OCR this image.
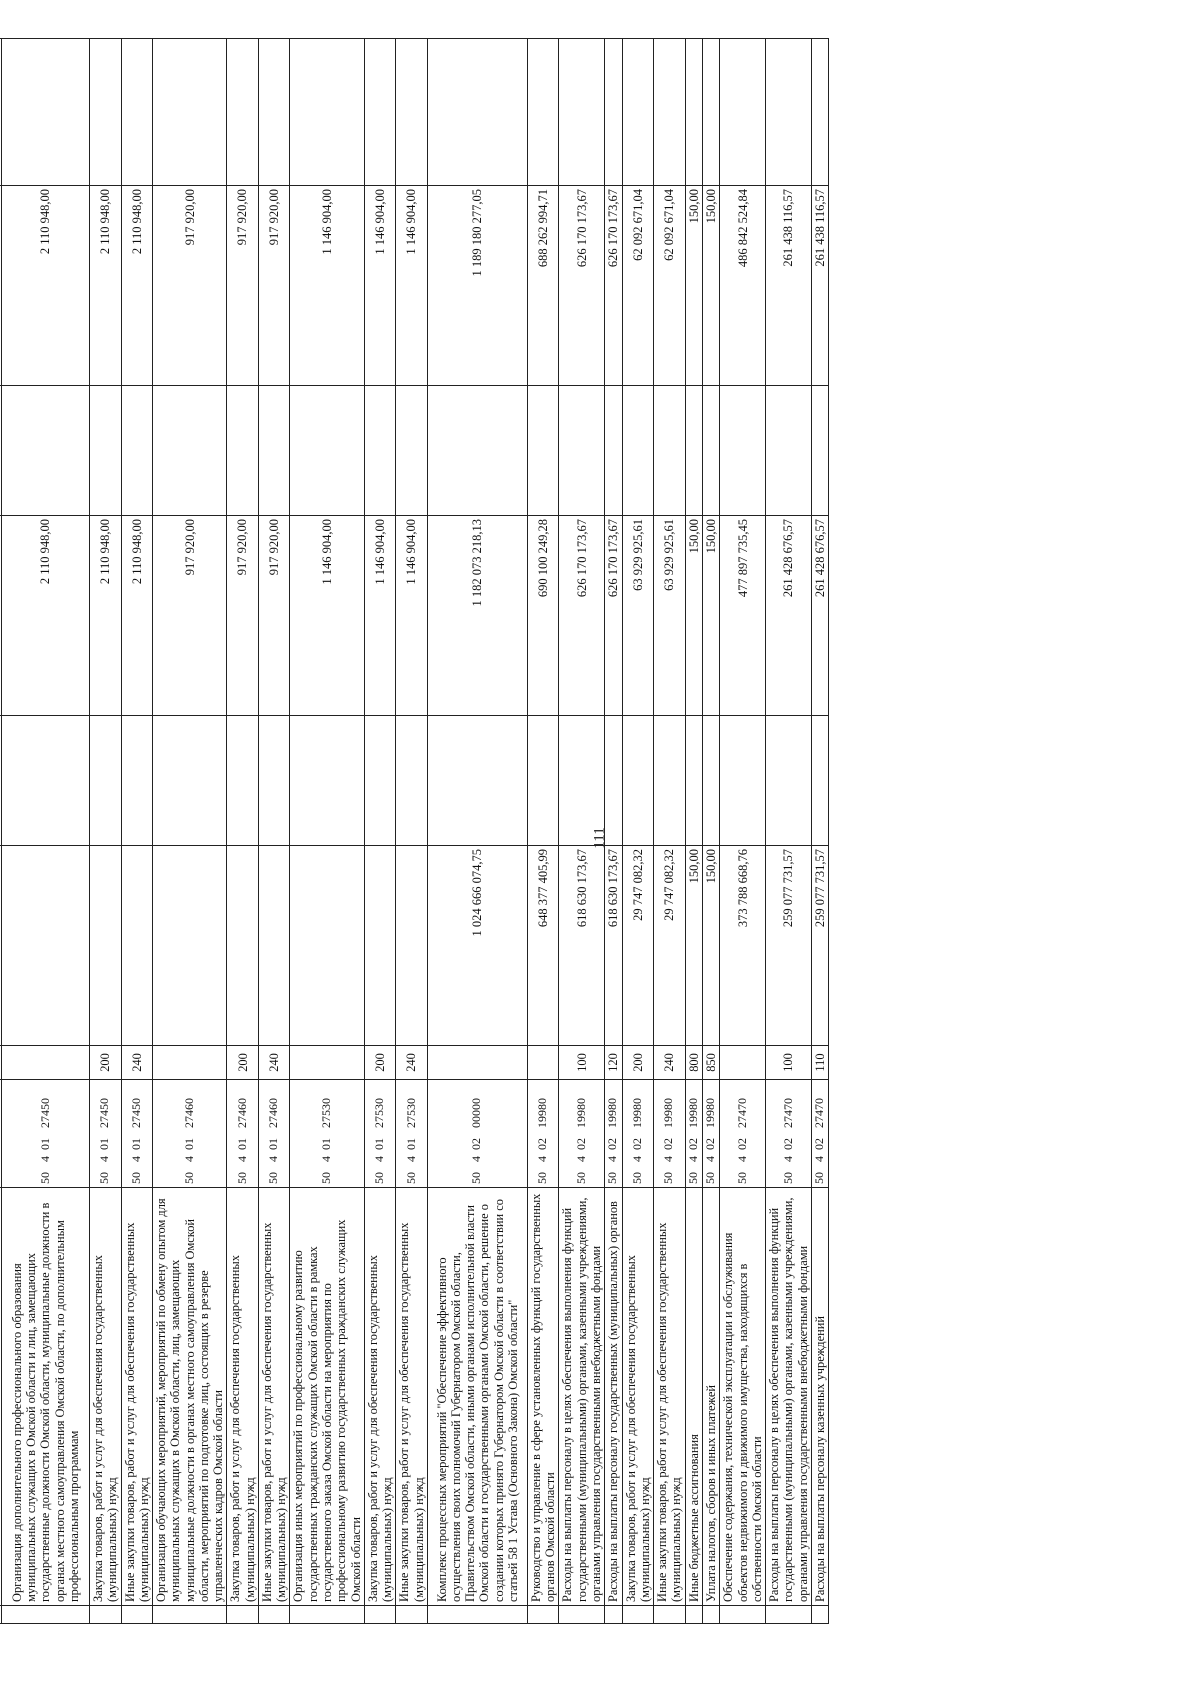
111

	Организация дополнительного профессионального образования муниципальных служащих в Омской области и лиц, замещающих государственные должности Омской области, муниципальные должности в органах местного самоуправления Омской области, по дополнительным профессиональным программам	5040127450				2 110 948,00		2 110 948,00	
	Закупка товаров, работ и услуг для обеспечения государственных (муниципальных) нужд	5040127450	200			2 110 948,00		2 110 948,00	
	Иные закупки товаров, работ и услуг для обеспечения государственных (муниципальных) нужд	5040127450	240			2 110 948,00		2 110 948,00	
	Организация обучающих мероприятий, мероприятий по обмену опытом для муниципальных служащих в Омской области, лиц, замещающих муниципальные должности в органах местного самоуправления Омской области, мероприятий по подготовке лиц, состоящих в резерве управленческих кадров Омской области	5040127460				917 920,00		917 920,00	
	Закупка товаров, работ и услуг для обеспечения государственных (муниципальных) нужд	5040127460	200			917 920,00		917 920,00	
	Иные закупки товаров, работ и услуг для обеспечения государственных (муниципальных) нужд	5040127460	240			917 920,00		917 920,00	
	Организация иных мероприятий по профессиональному развитию государственных гражданских служащих Омской области в рамках государственного заказа Омской области на мероприятия по профессиональному развитию государственных гражданских служащих Омской области	5040127530				1 146 904,00		1 146 904,00	
	Закупка товаров, работ и услуг для обеспечения государственных (муниципальных) нужд	5040127530	200			1 146 904,00		1 146 904,00	
	Иные закупки товаров, работ и услуг для обеспечения государственных (муниципальных) нужд	5040127530	240			1 146 904,00		1 146 904,00	
	Комплекс процессных мероприятий "Обеспечение эффективного осуществления своих полномочий Губернатором Омской области, Правительством Омской области, иными органами исполнительной власти Омской области и государственными органами Омской области, решение о создании которых принято Губернатором Омской области в соответствии со статьей 58 1 Устава (Основного Закона) Омской области"	5040200000		1 024 666 074,75		1 182 073 218,13		1 189 180 277,05	
	Руководство и управление в сфере установленных функций государственных органов Омской области	5040219980		648 377 405,99		690 100 249,28		688 262 994,71	
	Расходы на выплаты персоналу в целях обеспечения выполнения функций государственными (муниципальными) органами, казенными учреждениями, органами управления государственными внебюджетными фондами	5040219980	100	618 630 173,67		626 170 173,67		626 170 173,67	
	Расходы на выплаты персоналу государственных (муниципальных) органов	5040219980	120	618 630 173,67		626 170 173,67		626 170 173,67	
	Закупка товаров, работ и услуг для обеспечения государственных (муниципальных) нужд	5040219980	200	29 747 082,32		63 929 925,61		62 092 671,04	
	Иные закупки товаров, работ и услуг для обеспечения государственных (муниципальных) нужд	5040219980	240	29 747 082,32		63 929 925,61		62 092 671,04	
	Иные бюджетные ассигнования	5040219980	800	150,00		150,00		150,00	
	Уплата налогов, сборов и иных платежей	5040219980	850	150,00		150,00		150,00	
	Обеспечение содержания, технической эксплуатации и обслуживания объектов недвижимого и движимого имущества, находящихся в собственности Омской области	5040227470		373 788 668,76		477 897 735,45		486 842 524,84	
	Расходы на выплаты персоналу в целях обеспечения выполнения функций государственными (муниципальными) органами, казенными учреждениями, органами управления государственными внебюджетными фондами	5040227470	100	259 077 731,57		261 428 676,57		261 438 116,57	
	Расходы на выплаты персоналу казенных учреждений	5040227470	110	259 077 731,57		261 428 676,57		261 438 116,57	
